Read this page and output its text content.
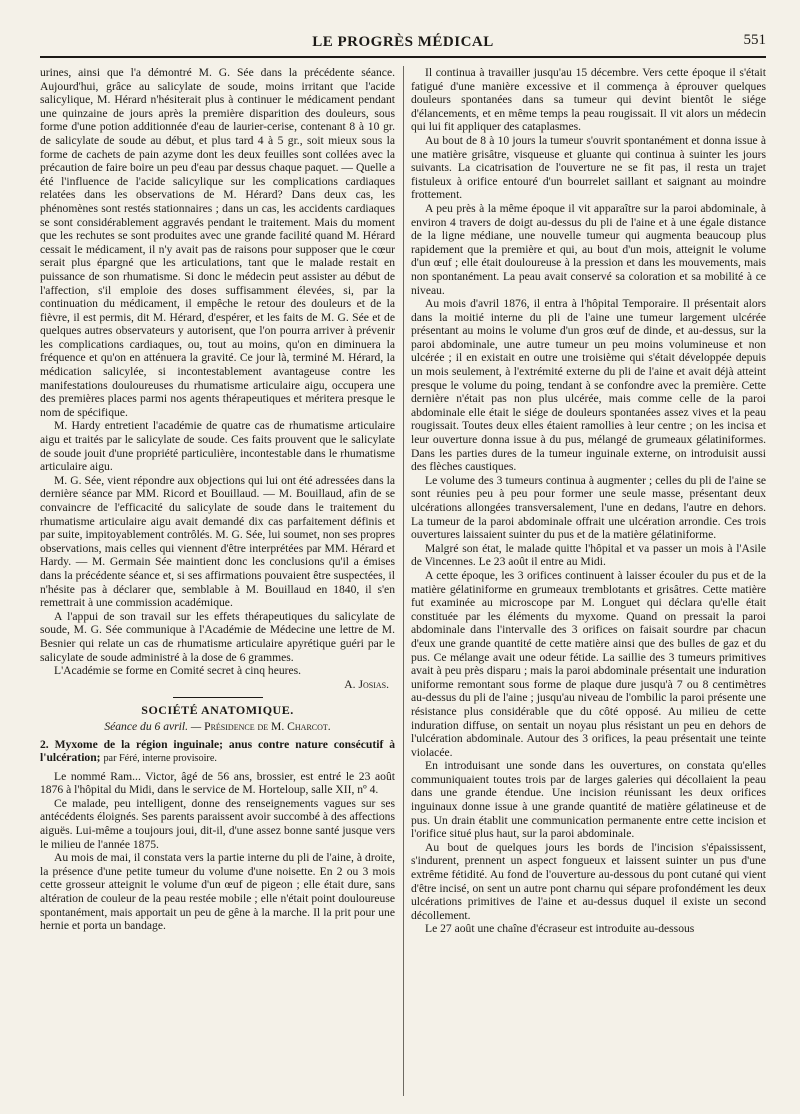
LE PROGRÈS MÉDICAL	551

urines, ainsi que l'a démontré M. G. Sée dans la précédente séance. Aujourd'hui, grâce au salicylate de soude, moins irritant que l'acide salicylique, M. Hérard n'hésiterait plus à continuer le médicament pendant une quinzaine de jours après la première disparition des douleurs, sous forme d'une potion additionnée d'eau de laurier-cerise, contenant 8 à 10 gr. de salicylate de soude au début, et plus tard 4 à 5 gr., soit mieux sous la forme de cachets de pain azyme dont les deux feuilles sont collées avec la précaution de faire boire un peu d'eau par dessus chaque paquet. — Quelle a été l'influence de l'acide salicylique sur les complications cardiaques relatées dans les observations de M. Hérard? Dans deux cas, les phénomènes sont restés stationnaires ; dans un cas, les accidents cardiaques se sont considérablement aggravés pendant le traitement. Mais du moment que les rechutes se sont produites avec une grande facilité quand M. Hérard cessait le médicament, il n'y avait pas de raisons pour supposer que le cœur serait plus épargné que les articulations, tant que le malade restait en puissance de son rhumatisme. Si donc le médecin peut assister au début de l'affection, s'il emploie des doses suffisamment élevées, si, par la continuation du médicament, il empêche le retour des douleurs et de la fièvre, il est permis, dit M. Hérard, d'espérer, et les faits de M. G. Sée et de quelques autres observateurs y autorisent, que l'on pourra arriver à prévenir les complications cardiaques, ou, tout au moins, qu'on en diminuera la fréquence et qu'on en atténuera la gravité. Ce jour là, terminé M. Hérard, la médication salicylée, si incontestablement avantageuse contre les manifestations douloureuses du rhumatisme articulaire aigu, occupera une des premières places parmi nos agents thérapeutiques et méritera presque le nom de spécifique.

M. Hardy entretient l'académie de quatre cas de rhumatisme articulaire aigu et traités par le salicylate de soude. Ces faits prouvent que le salicylate de soude jouit d'une propriété particulière, incontestable dans le rhumatisme articulaire aigu.

M. G. Sée, vient répondre aux objections qui lui ont été adressées dans la dernière séance par MM. Ricord et Bouillaud. — M. Bouillaud, afin de se convaincre de l'efficacité du salicylate de soude dans le traitement du rhumatisme articulaire aigu avait demandé dix cas parfaitement définis et par suite, impitoyablement contrôlés. M. G. Sée, lui soumet, non ses propres observations, mais celles qui viennent d'être interprétées par MM. Hérard et Hardy. — M. Germain Sée maintient donc les conclusions qu'il a émises dans la précédente séance et, si ses affirmations pouvaient être suspectées, il n'hésite pas à déclarer que, semblable à M. Bouillaud en 1840, il s'en remettrait à une commission académique.

A l'appui de son travail sur les effets thérapeutiques du salicylate de soude, M. G. Sée communique à l'Académie de Médecine une lettre de M. Besnier qui relate un cas de rhumatisme articulaire apyrétique guéri par le salicylate de soude administré à la dose de 6 grammes.

L'Académie se forme en Comité secret à cinq heures.

A. Josias.
SOCIÉTÉ ANATOMIQUE.
Séance du 6 avril. — Présidence de M. Charcot.
2. Myxome de la région inguinale; anus contre nature consécutif à l'ulcération; par Féré, interne provisoire.

Le nommé Ram... Victor, âgé de 56 ans, brossier, est entré le 23 août 1876 à l'hôpital du Midi, dans le service de M. Horteloup, salle XII, nº 4.

Ce malade, peu intelligent, donne des renseignements vagues sur ses antécédents éloignés. Ses parents paraissent avoir succombé à des affections aiguës. Lui-même a toujours joui, dit-il, d'une assez bonne santé jusque vers le milieu de l'année 1875.

Au mois de mai, il constata vers la partie interne du pli de l'aine, à droite, la présence d'une petite tumeur du volume d'une noisette. En 2 ou 3 mois cette grosseur atteignit le volume d'un œuf de pigeon ; elle était dure, sans altération de couleur de la peau restée mobile ; elle n'était point douloureuse spontanément, mais apportait un peu de gêne à la marche. Il la prit pour une hernie et porta un bandage.

Il continua à travailler jusqu'au 15 décembre. Vers cette époque il s'était fatigué d'une manière excessive et il commença à éprouver quelques douleurs spontanées dans sa tumeur qui devint bientôt le siége d'élancements, et en même temps la peau rougissait. Il vit alors un médecin qui lui fit appliquer des cataplasmes.

Au bout de 8 à 10 jours la tumeur s'ouvrit spontanément et donna issue à une matière grisâtre, visqueuse et gluante qui continua à suinter les jours suivants. La cicatrisation de l'ouverture ne se fit pas, il resta un trajet fistuleux à orifice entouré d'un bourrelet saillant et saignant au moindre frottement.

A peu près à la même époque il vit apparaître sur la paroi abdominale, à environ 4 travers de doigt au-dessus du pli de l'aine et à une égale distance de la ligne médiane, une nouvelle tumeur qui augmenta beaucoup plus rapidement que la première et qui, au bout d'un mois, atteignit le volume d'un œuf ; elle était douloureuse à la pression et dans les mouvements, mais non spontanément. La peau avait conservé sa coloration et sa mobilité à ce niveau.

Au mois d'avril 1876, il entra à l'hôpital Temporaire. Il présentait alors dans la moitié interne du pli de l'aine une tumeur largement ulcérée présentant au moins le volume d'un gros œuf de dinde, et au-dessus, sur la paroi abdominale, une autre tumeur un peu moins volumineuse et non ulcérée ; il en existait en outre une troisième qui s'était développée depuis un mois seulement, à l'extrémité externe du pli de l'aine et avait déjà atteint presque le volume du poing, tendant à se confondre avec la première. Cette dernière n'était pas non plus ulcérée, mais comme celle de la paroi abdominale elle était le siége de douleurs spontanées assez vives et la peau rougissait. Toutes deux elles étaient ramollies à leur centre ; on les incisa et leur ouverture donna issue à du pus, mélangé de grumeaux gélatiniformes. Dans les parties dures de la tumeur inguinale externe, on introduisit aussi des flèches caustiques.

Le volume des 3 tumeurs continua à augmenter ; celles du pli de l'aine se sont réunies peu à peu pour former une seule masse, présentant deux ulcérations allongées transversalement, l'une en dedans, l'autre en dehors. La tumeur de la paroi abdominale offrait une ulcération arrondie. Ces trois ouvertures laissaient suinter du pus et de la matière gélatiniforme.

Malgré son état, le malade quitte l'hôpital et va passer un mois à l'Asile de Vincennes. Le 23 août il entre au Midi.

A cette époque, les 3 orifices continuent à laisser écouler du pus et de la matière gélatiniforme en grumeaux tremblotants et grisâtres. Cette matière fut examinée au microscope par M. Longuet qui déclara qu'elle était constituée par les éléments du myxome. Quand on pressait la paroi abdominale dans l'intervalle des 3 orifices on faisait sourdre par chacun d'eux une grande quantité de cette matière ainsi que des bulles de gaz et du pus. Ce mélange avait une odeur fétide. La saillie des 3 tumeurs primitives avait à peu près disparu ; mais la paroi abdominale présentait une induration uniforme remontant sous forme de plaque dure jusqu'à 7 ou 8 centimètres au-dessus du pli de l'aine ; jusqu'au niveau de l'ombilic la paroi présente une résistance plus considérable que du côté opposé. Au milieu de cette induration diffuse, on sentait un noyau plus résistant un peu en dehors de l'ulcération abdominale. Autour des 3 orifices, la peau présentait une teinte violacée.

En introduisant une sonde dans les ouvertures, on constata qu'elles communiquaient toutes trois par de larges galeries qui décollaient la peau dans une grande étendue. Une incision réunissant les deux orifices inguinaux donne issue à une grande quantité de matière gélatineuse et de pus. Un drain établit une communication permanente entre cette incision et l'orifice situé plus haut, sur la paroi abdominale.

Au bout de quelques jours les bords de l'incision s'épaississent, s'indurent, prennent un aspect fongueux et laissent suinter un pus d'une extrême fétidité. Au fond de l'ouverture au-dessous du pont cutané qui vient d'être incisé, on sent un autre pont charnu qui sépare profondément les deux ulcérations primitives de l'aine et au-dessus duquel il existe un second décollement.

Le 27 août une chaîne d'écraseur est introduite au-dessous
